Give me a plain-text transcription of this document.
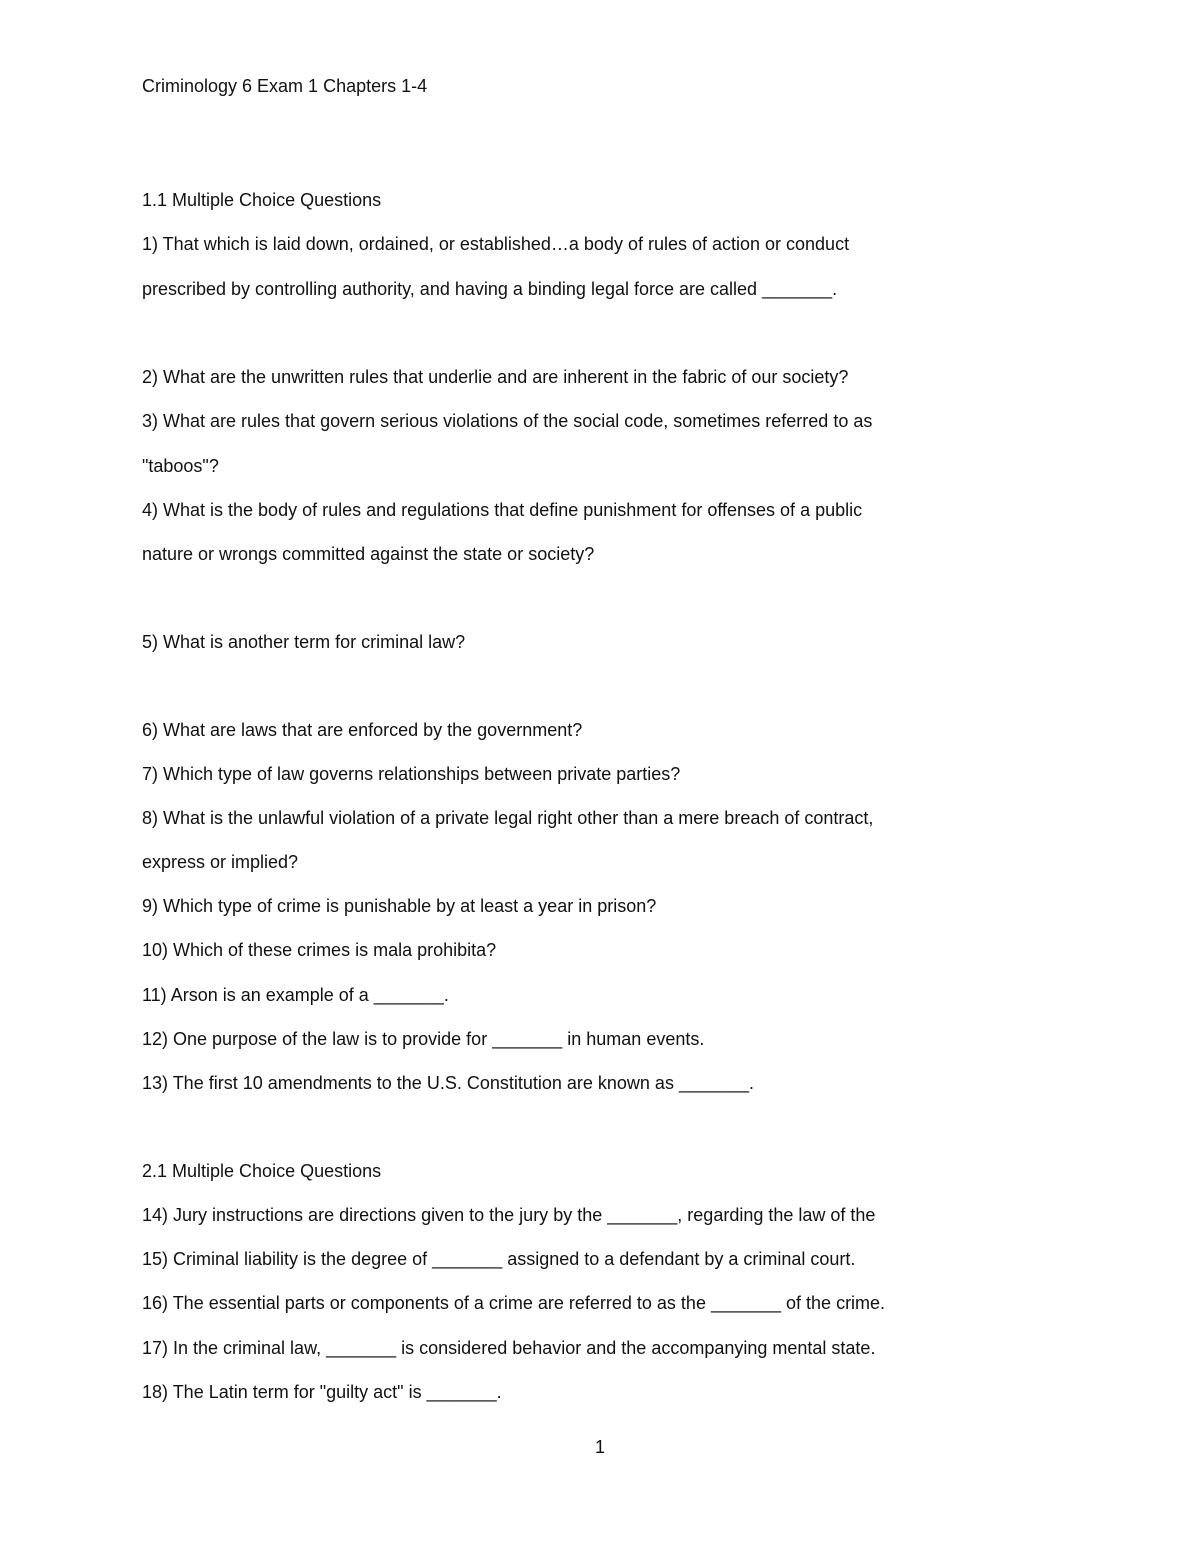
Criminology 6 Exam 1 Chapters 1-4
1.1 Multiple Choice Questions
1) That which is laid down, ordained, or established…a body of rules of action or conduct
prescribed by controlling authority, and having a binding legal force are called _______.
2) What are the unwritten rules that underlie and are inherent in the fabric of our society?
3) What are rules that govern serious violations of the social code, sometimes referred to as
"taboos"?
4) What is the body of rules and regulations that define punishment for offenses of a public
nature or wrongs committed against the state or society?
5) What is another term for criminal law?
6) What are laws that are enforced by the government?
7) Which type of law governs relationships between private parties?
8) What is the unlawful violation of a private legal right other than a mere breach of contract,
express or implied?
9) Which type of crime is punishable by at least a year in prison?
10) Which of these crimes is mala prohibita?
11) Arson is an example of a _______.
12) One purpose of the law is to provide for _______ in human events.
13) The first 10 amendments to the U.S. Constitution are known as _______.
2.1 Multiple Choice Questions
14) Jury instructions are directions given to the jury by the _______, regarding the law of the
15) Criminal liability is the degree of _______ assigned to a defendant by a criminal court.
16) The essential parts or components of a crime are referred to as the _______ of the crime.
17) In the criminal law, _______ is considered behavior and the accompanying mental state.
18) The Latin term for "guilty act" is _______.
1
